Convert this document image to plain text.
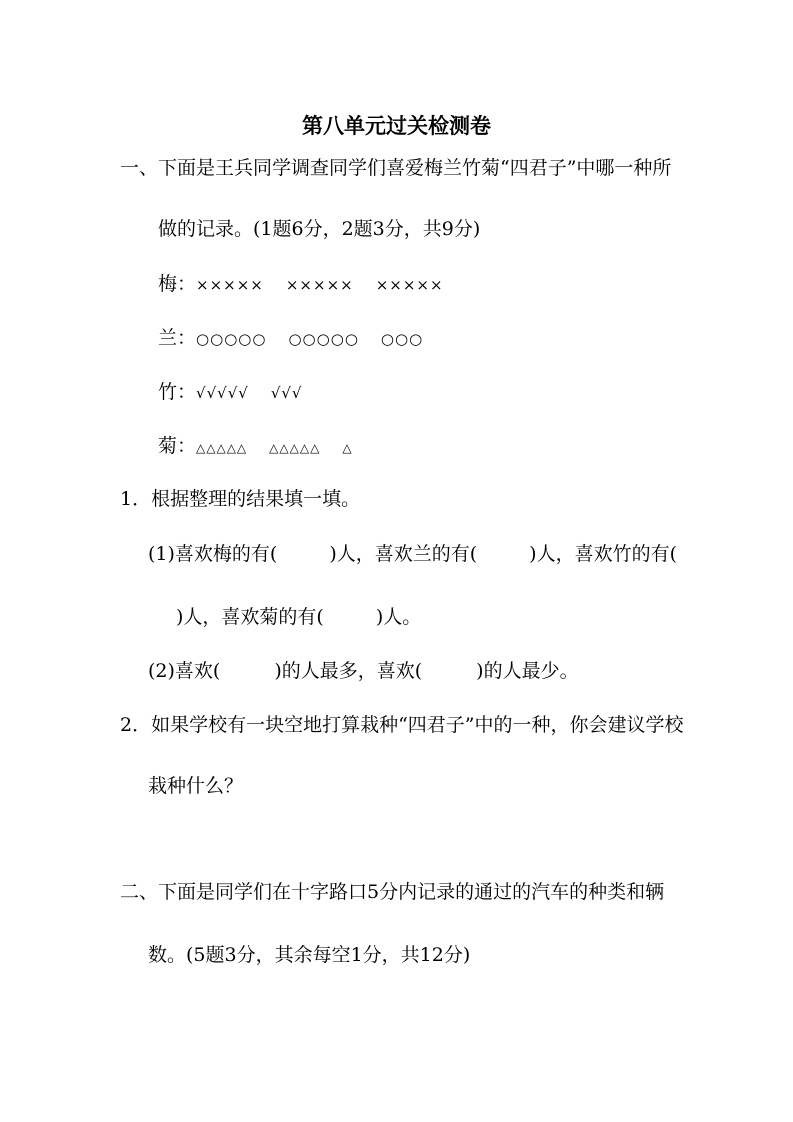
第八单元过关检测卷
一、下面是王兵同学调查同学们喜爱梅兰竹菊“四君子”中哪一种所
做的记录。(1题6分，2题3分，共9分)
梅：××××× ××××× ×××××
兰：○○○○○ ○○○○○ ○○○
竹：√√√√√ √√√
菊：△△△△△ △△△△△ △
1．根据整理的结果填一填。
(1)喜欢梅的有(	)人，喜欢兰的有(	)人，喜欢竹的有(
)人，喜欢菊的有(	)人。
(2)喜欢(	)的人最多，喜欢(	)的人最少。
2．如果学校有一块空地打算栽种“四君子”中的一种，你会建议学校
栽种什么？
二、下面是同学们在十字路口5分内记录的通过的汽车的种类和辆
数。(5题3分，其余每空1分，共12分)
